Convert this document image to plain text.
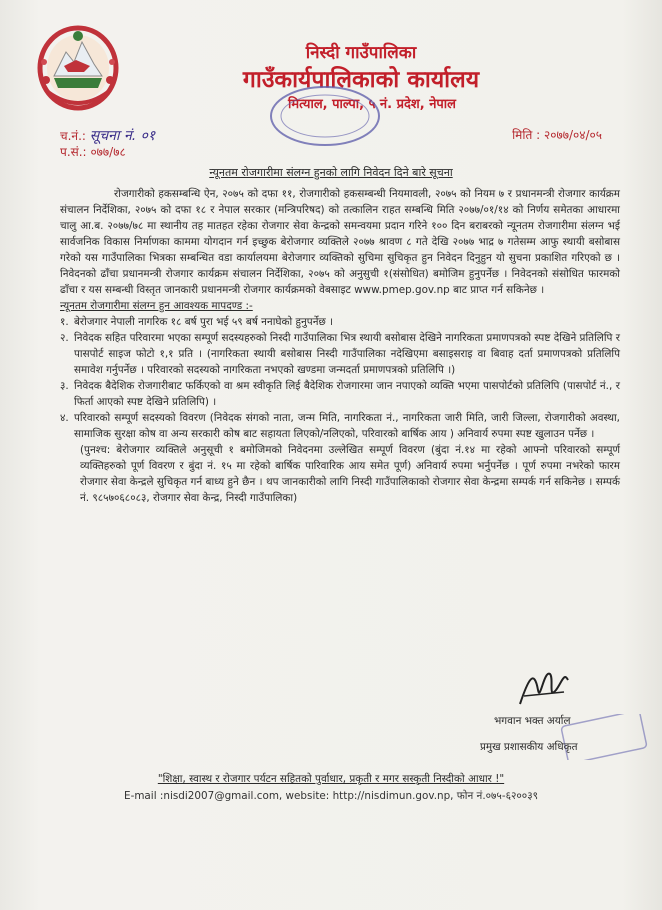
निस्दी गाउँपालिका
गाउँकार्यपालिकाको कार्यालय
मित्याल, पाल्पा, ५ नं. प्रदेश, नेपाल
च.नं.: सूचना नं. ०१
प.सं.: ०७७/७८
मिति : २०७७/०४/०५
न्यूनतम रोजगारीमा संलग्न हुनको लागि निवेदन दिने बारे सूचना

रोजगारीको हकसम्बन्धि ऐन, २०७५ को दफा ११, रोजगारीको हकसम्बन्धी नियमावली, २०७५ को नियम ७ र प्रधानमन्त्री रोजगार कार्यक्रम संचालन निर्देशिका, २०७५ को दफा १८ र नेपाल सरकार (मन्त्रिपरिषद) को तत्कालिन राहत सम्बन्धि मिति २०७७/०१/१४ को निर्णय समेतका आधारमा चालु आ.ब. २०७७/७८ मा स्थानीय तह मातहत रहेका रोजगार सेवा केन्द्रको समन्वयमा प्रदान गरिने १०० दिन बराबरको न्यूनतम रोजगारीमा संलग्न भई सार्वजनिक विकास निर्माणका काममा योगदान गर्न इच्छुक बेरोजगार व्यक्तिले २०७७ श्रावण ८ गते देखि २०७७ भाद्र ७ गतेसम्म आफु स्थायी बसोबास गरेको यस गाउँपालिका भित्रका सम्बन्धित वडा कार्यालयमा बेरोजगार व्यक्तिको सुचिमा सुचिकृत हुन निवेदन दिनुहुन यो सुचना प्रकाशित गरिएको छ । निवेदनको ढाँचा प्रधानमन्त्री रोजगार कार्यक्रम संचालन निर्देशिका, २०७५ को अनुसुची १(संसोधित) बमोजिम हुनुपर्नेछ । निवेदनको संसोधित फारमको ढाँचा र यस सम्बन्धी विस्तृत जानकारी प्रधानमन्त्री रोजगार कार्यक्रमको वेबसाइट www.pmep.gov.np बाट प्राप्त गर्न सकिनेछ ।

न्यूनतम रोजगारीमा संलग्न हुन आवश्यक मापदण्ड :-

१. बेरोजगार नेपाली नागरिक १८ बर्ष पुरा भई ५९ बर्ष ननाघेको हुनुपर्नेछ ।
२. निवेदक सहित परिवारमा भएका सम्पूर्ण सदस्यहरुको निस्दी गाउँपालिका भित्र स्थायी बसोबास देखिने नागरिकता प्रमाणपत्रको स्पष्ट देखिने प्रतिलिपि र पासपोर्ट साइज फोटो १,१ प्रति । (नागरिकता स्थायी बसोबास निस्दी गाउँपालिका नदेखिएमा बसाइसराइ वा बिवाह दर्ता प्रमाणपत्रको प्रतिलिपि समावेश गर्नुपर्नेछ । परिवारको सदस्यको नागरिकता नभएको खण्डमा जन्मदर्ता प्रमाणपत्रको प्रतिलिपि ।)
३. निवेदक बैदेशिक रोजगारीबाट फर्किएको वा श्रम स्वीकृति लिई बैदेशिक रोजगारमा जान नपाएको व्यक्ति भएमा पासपोर्टको प्रतिलिपि (पासपोर्ट नं., र फिर्ता आएको स्पष्ट देखिने प्रतिलिपि) ।
४. परिवारको सम्पूर्ण सदस्यको विवरण (निवेदक संगको नाता, जन्म मिति, नागरिकता नं., नागरिकता जारी मिति, जारी जिल्ला, रोजगारीको अवस्था, सामाजिक सुरक्षा कोष वा अन्य सरकारी कोष बाट सहायता लिएको/नलिएको, परिवारको बार्षिक आय ) अनिवार्य रुपमा स्पष्ट खुलाउन पर्नेछ ।

(पुनश्च: बेरोजगार व्यक्तिले अनुसूची १ बमोजिमको निवेदनमा उल्लेखित सम्पूर्ण विवरण (बुंदा नं.१४ मा रहेको आफ्नो परिवारको सम्पूर्ण व्यक्तिहरुको पूर्ण विवरण र बुंदा नं. १५ मा रहेको बार्षिक पारिवारिक आय समेत पूर्ण) अनिवार्य रुपमा भर्नुपर्नेछ । पूर्ण रुपमा नभरेको फारम रोजगार सेवा केन्द्रले सुचिकृत गर्न बाध्य हुने छैन । थप जानकारीको लागि निस्दी गाउँपालिकाको रोजगार सेवा केन्द्रमा सम्पर्क गर्न सकिनेछ । सम्पर्क नं. ९८५७०६८०८३, रोजगार सेवा केन्द्र, निस्दी गाउँपालिका)

भगवान भक्त अर्याल
प्रमुख प्रशासकीय अधिकृत
"शिक्षा, स्वास्थ र रोजगार पर्यटन सहितको पुर्वाधार, प्रकृती र मगर सस्कृती निस्दीको आधार !"
E-mail :nisdi2007@gmail.com, website: http://nisdimun.gov.np, फोन नं.०७५-६२००३९
